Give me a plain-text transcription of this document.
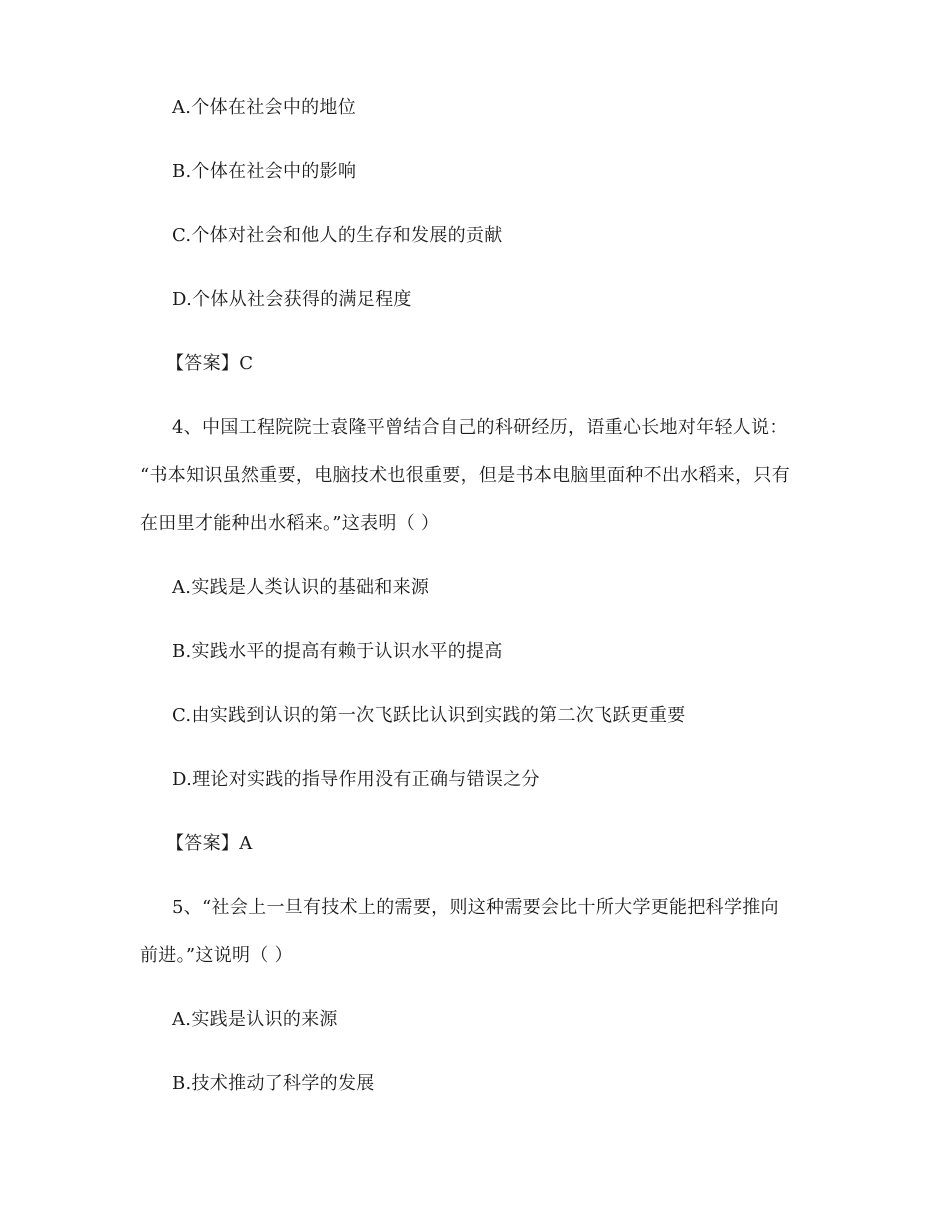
A.个体在社会中的地位

B.个体在社会中的影响

C.个体对社会和他人的生存和发展的贡献

D.个体从社会获得的满足程度

【答案】C

4、中国工程院院士袁隆平曾结合自己的科研经历，语重心长地对年轻人说：

“书本知识虽然重要，电脑技术也很重要，但是书本电脑里面种不出水稻来，只有

在田里才能种出水稻来。”这表明（ ）

A.实践是人类认识的基础和来源

B.实践水平的提高有赖于认识水平的提高

C.由实践到认识的第一次飞跃比认识到实践的第二次飞跃更重要

D.理论对实践的指导作用没有正确与错误之分

【答案】A

5、“社会上一旦有技术上的需要，则这种需要会比十所大学更能把科学推向

前进。”这说明（ ）

A.实践是认识的来源

B.技术推动了科学的发展
